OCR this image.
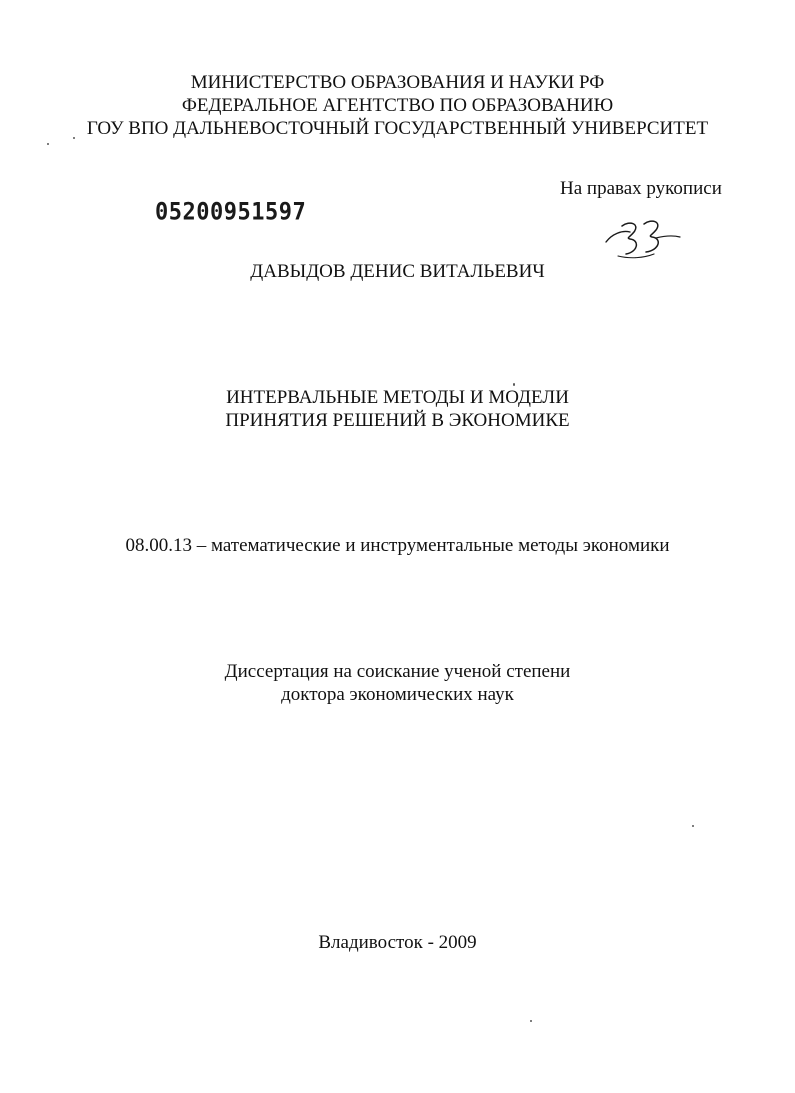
МИНИСТЕРСТВО ОБРАЗОВАНИЯ И НАУКИ РФ
ФЕДЕРАЛЬНОЕ АГЕНТСТВО ПО ОБРАЗОВАНИЮ
ГОУ ВПО ДАЛЬНЕВОСТОЧНЫЙ ГОСУДАРСТВЕННЫЙ УНИВЕРСИТЕТ
На правах рукописи
05200951597
ДАВЫДОВ ДЕНИС ВИТАЛЬЕВИЧ
ИНТЕРВАЛЬНЫЕ МЕТОДЫ И МОДЕЛИ
ПРИНЯТИЯ РЕШЕНИЙ В ЭКОНОМИКЕ
08.00.13 – математические и инструментальные методы экономики
Диссертация на соискание ученой степени
доктора экономических наук
Владивосток - 2009
